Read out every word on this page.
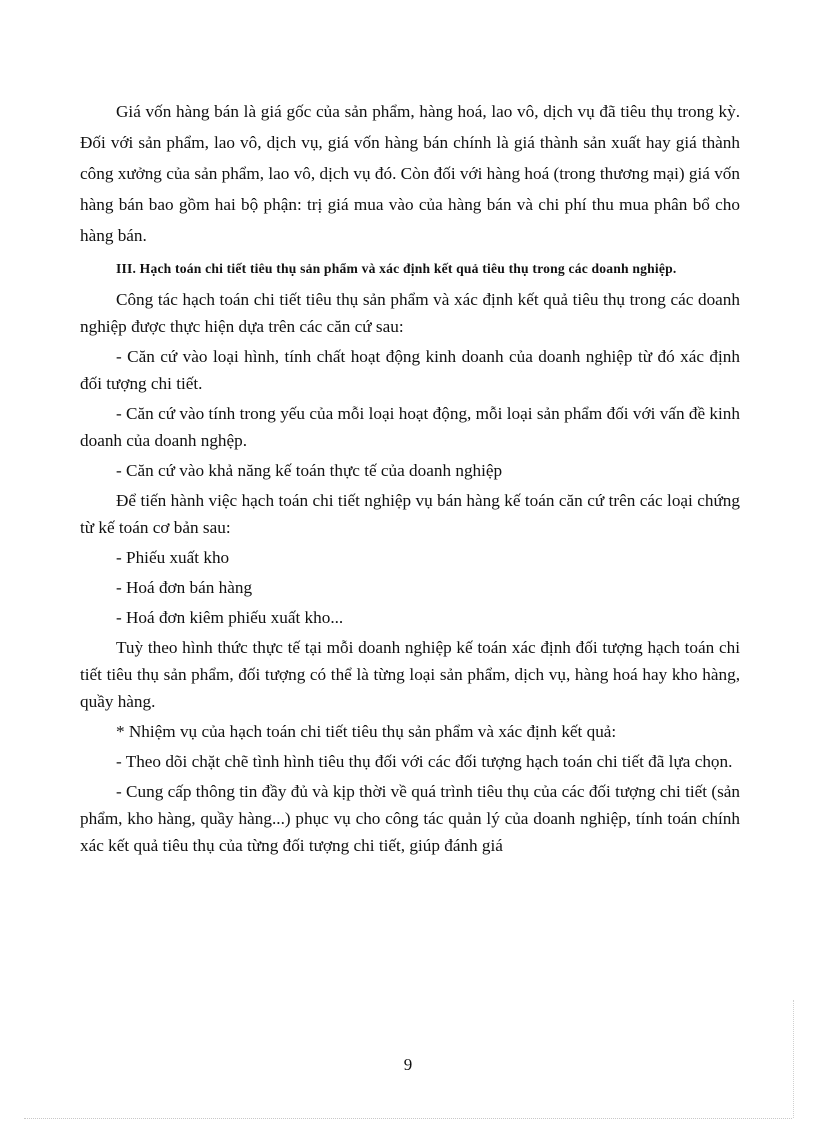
Giá vốn hàng bán là giá gốc của sản phẩm, hàng hoá, lao vô, dịch vụ đã tiêu thụ trong kỳ. Đối với sản phẩm, lao vô, dịch vụ, giá vốn hàng bán chính là giá thành sản xuất hay giá thành công xưởng của sản phẩm, lao vô, dịch vụ đó. Còn đối với hàng hoá (trong thương mại) giá vốn hàng bán bao gồm hai bộ phận: trị giá mua vào của hàng bán và chi phí thu mua phân bổ cho hàng bán.

III. Hạch toán chi tiết tiêu thụ sản phẩm và xác định kết quả tiêu thụ trong các doanh nghiệp.

Công tác hạch toán chi tiết tiêu thụ sản phẩm và xác định kết quả tiêu thụ trong các doanh nghiệp được thực hiện dựa trên các căn cứ sau:

- Căn cứ vào loại hình, tính chất hoạt động kinh doanh của doanh nghiệp từ đó xác định đối tượng chi tiết.

- Căn cứ vào tính trong yếu của mỗi loại hoạt động, mỗi loại sản phẩm đối với vấn đề kinh doanh của doanh nghệp.

- Căn cứ vào khả năng kế toán thực tế của doanh nghiệp

Để tiến hành việc hạch toán chi tiết nghiệp vụ bán hàng kế toán căn cứ trên các loại chứng từ kế toán cơ bản sau:

- Phiếu xuất kho

- Hoá đơn bán hàng

- Hoá đơn kiêm phiếu xuất kho...

Tuỳ theo hình thức thực tế tại mỗi doanh nghiệp kế toán xác định đối tượng hạch toán chi tiết tiêu thụ sản phẩm, đối tượng có thể là từng loại sản phẩm, dịch vụ, hàng hoá hay kho hàng, quầy hàng.

* Nhiệm vụ của hạch toán chi tiết tiêu thụ sản phẩm và xác định kết quả:

- Theo dõi chặt chẽ tình hình tiêu thụ đối với các đối tượng hạch toán chi tiết đã lựa chọn.

- Cung cấp thông tin đầy đủ và kịp thời về quá trình tiêu thụ của các đối tượng chi tiết (sản phẩm, kho hàng, quầy hàng...) phục vụ cho công tác quản lý của doanh nghiệp, tính toán chính xác kết quả tiêu thụ của từng đối tượng chi tiết, giúp đánh giá

9
